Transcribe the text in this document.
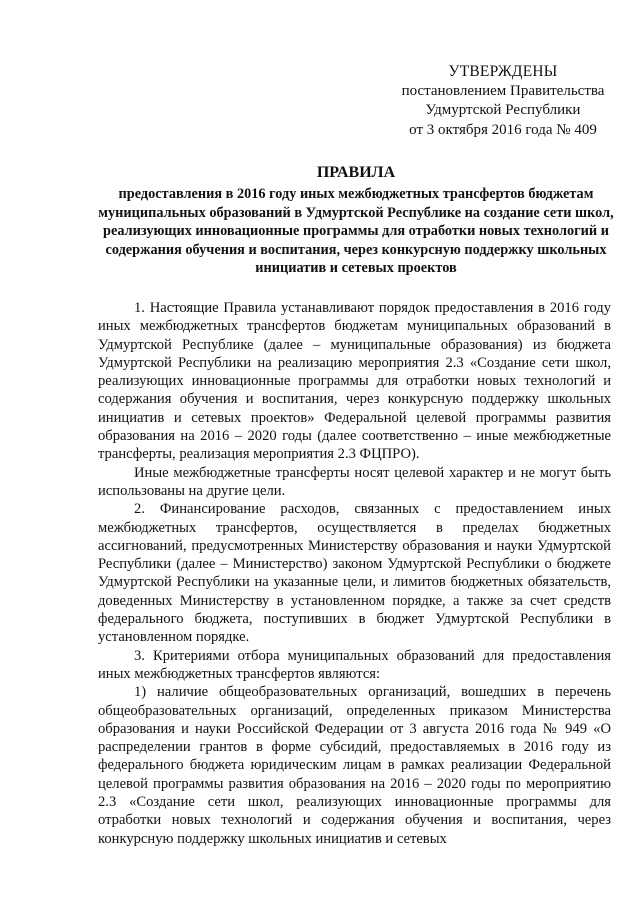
УТВЕРЖДЕНЫ
постановлением Правительства
Удмуртской Республики
от 3 октября 2016 года № 409
ПРАВИЛА
предоставления в 2016 году иных межбюджетных трансфертов бюджетам муниципальных образований в Удмуртской Республике на создание сети школ, реализующих инновационные программы для отработки новых технологий и содержания обучения и воспитания, через конкурсную поддержку школьных инициатив и сетевых проектов

1. Настоящие Правила устанавливают порядок предоставления в 2016 году иных межбюджетных трансфертов бюджетам муниципальных образований в Удмуртской Республике (далее – муниципальные образования) из бюджета Удмуртской Республики на реализацию мероприятия 2.3 «Создание сети школ, реализующих инновационные программы для отработки новых технологий и содержания обучения и воспитания, через конкурсную поддержку школьных инициатив и сетевых проектов» Федеральной целевой программы развития образования на 2016 – 2020 годы (далее соответственно – иные межбюджетные трансферты, реализация мероприятия 2.3 ФЦПРО).

Иные межбюджетные трансферты носят целевой характер и не могут быть использованы на другие цели.

2. Финансирование расходов, связанных с предоставлением иных межбюджетных трансфертов, осуществляется в пределах бюджетных ассигнований, предусмотренных Министерству образования и науки Удмуртской Республики (далее – Министерство) законом Удмуртской Республики о бюджете Удмуртской Республики на указанные цели, и лимитов бюджетных обязательств, доведенных Министерству в установленном порядке, а также за счет средств федерального бюджета, поступивших в бюджет Удмуртской Республики в установленном порядке.

3. Критериями отбора муниципальных образований для предоставления иных межбюджетных трансфертов являются:

1) наличие общеобразовательных организаций, вошедших в перечень общеобразовательных организаций, определенных приказом Министерства образования и науки Российской Федерации от 3 августа 2016 года № 949 «О распределении грантов в форме субсидий, предоставляемых в 2016 году из федерального бюджета юридическим лицам в рамках реализации Федеральной целевой программы развития образования на 2016 – 2020 годы по мероприятию 2.3 «Создание сети школ, реализующих инновационные программы для отработки новых технологий и содержания обучения и воспитания, через конкурсную поддержку школьных инициатив и сетевых
